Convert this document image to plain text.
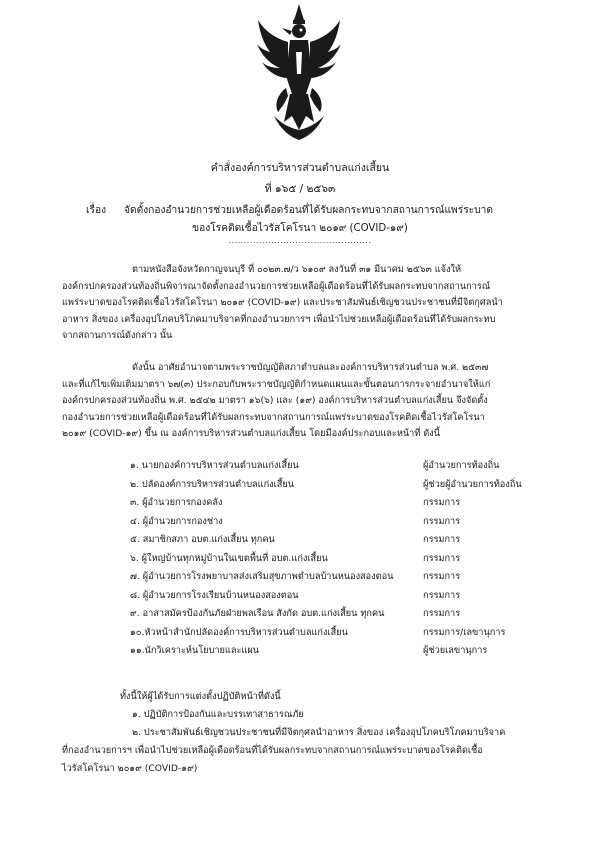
คำสั่งองค์การบริหารส่วนตำบลแก่งเสี้ยน
ที่ ๑๖๕ / ๒๕๖๓
เรื่อง จัดตั้งกองอำนวยการช่วยเหลือผู้เดือดร้อนที่ได้รับผลกระทบจากสถานการณ์แพร่ระบาด
ของโรคติดเชื้อไวรัสโคโรนา ๒๐๑๙ (COVID-๑๙)
...............................................
ตามหนังสือจังหวัดกาญจนบุรี ที่ ๐๐๒๓.๗/ว ๖๑๐๙ ลงวันที่ ๓๑ มีนาคม ๒๕๖๓ แจ้งให้
องค์กรปกครองส่วนท้องถิ่นพิจารณาจัดตั้งกองอำนวยการช่วยเหลือผู้เดือดร้อนที่ได้รับผลกระทบจากสถานการณ์
แพร่ระบาดของโรคติดเชื้อไวรัสโคโรนา ๒๐๑๙ (COVID-๑๙) และประชาสัมพันธ์เชิญชวนประชาชนที่มีจิตกุศลนำ
อาหาร สิ่งของ เครื่องอุปโภคบริโภคมาบริจาคที่กองอำนวยการฯ เพื่อนำไปช่วยเหลือผู้เดือดร้อนที่ได้รับผลกระทบ
จากสถานการณ์ดังกล่าว นั้น
ดังนั้น อาศัยอำนาจตามพระราชบัญญัติสภาตำบลและองค์การบริหารส่วนตำบล พ.ศ. ๒๕๓๗
และที่แก้ไขเพิ่มเติมมาตรา ๖๗(๓) ประกอบกับพระราชบัญญัติกำหนดแผนและขั้นตอนการกระจายอำนาจให้แก่
องค์กรปกครองส่วนท้องถิ่น พ.ศ. ๒๕๔๒ มาตรา ๑๖(๖) และ (๑๙) องค์การบริหารส่วนตำบลแก่งเสี้ยน จึงจัดตั้ง
กองอำนวยการช่วยเหลือผู้เดือดร้อนที่ได้รับผลกระทบจากสถานการณ์แพร่ระบาดของโรคติดเชื้อไวรัสโคโรนา
๒๐๑๙ (COVID-๑๙) ขึ้น ณ องค์การบริหารส่วนตำบลแก่งเสี้ยน โดยมีองค์ประกอบและหน้าที่ ดังนี้
๑. นายกองค์การบริหารส่วนตำบลแก่งเสี้ยน	ผู้อำนวยการท้องถิ่น
๒. ปลัดองค์การบริหารส่วนตำบลแก่งเสี้ยน	ผู้ช่วยผู้อำนวยการท้องถิ่น
๓. ผู้อำนวยการกองคลัง	กรรมการ
๔. ผู้อำนวยการกองช่าง	กรรมการ
๕. สมาชิกสภา อบต.แก่งเสี้ยน ทุกคน	กรรมการ
๖. ผู้ใหญ่บ้านทุกหมู่บ้านในเขตพื้นที่ อบต.แก่งเสี้ยน	กรรมการ
๗. ผู้อำนวยการโรงพยาบาลส่งเสริมสุขภาพตำบลบ้านหนองสองตอน	กรรมการ
๘. ผู้อำนวยการโรงเรียนบ้านหนองสองตอน	กรรมการ
๙. อาสาสมัครป้องกันภัยฝ่ายพลเรือน สังกัด อบต.แก่งเสี้ยน ทุกคน	กรรมการ
๑๐.หัวหน้าสำนักปลัดองค์การบริหารส่วนตำบลแก่งเสี้ยน	กรรมการ/เลขานุการ
๑๑.นักวิเคราะห์นโยบายและแผน	ผู้ช่วยเลขานุการ
ทั้งนี้ให้ผู้ได้รับการแต่งตั้งปฏิบัติหน้าที่ดังนี้
๑. ปฏิบัติการป้องกันและบรรเทาสาธารณภัย
๒. ประชาสัมพันธ์เชิญชวนประชาชนที่มีจิตกุศลนำอาหาร สิ่งของ เครื่องอุปโภคบริโภคมาบริจาค
ที่กองอำนวยการฯ เพื่อนำไปช่วยเหลือผู้เดือดร้อนที่ได้รับผลกระทบจากสถานการณ์แพร่ระบาดของโรคติดเชื้อ
ไวรัสโคโรนา ๒๐๑๙ (COVID-๑๙)
